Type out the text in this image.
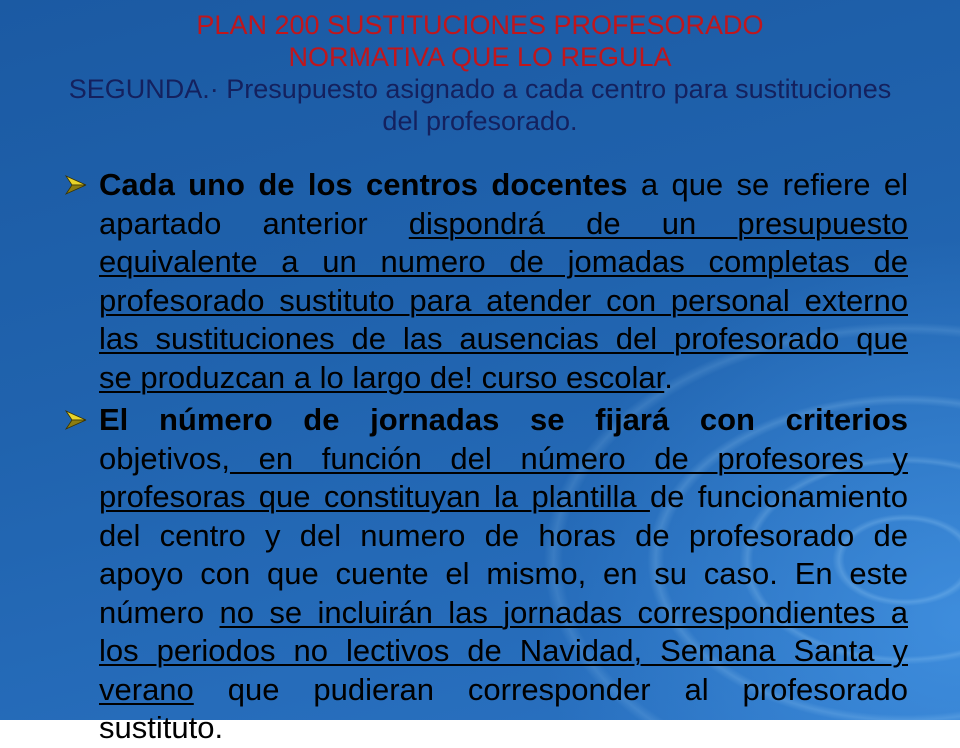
PLAN 200 SUSTITUCIONES PROFESORADO
NORMATIVA QUE LO REGULA
SEGUNDA.· Presupuesto asignado a cada centro para sustituciones
del profesorado.
Cada uno de los centros docentes a que se refiere el
apartado anterior dispondrá de un presupuesto
equivalente a un numero de jomadas completas de
profesorado sustituto para atender con personal externo
las sustituciones de las ausencias del profesorado que
se produzcan a lo largo de! curso escolar.
El número de jornadas se fijará con criterios
objetivos, en función del número de profesores y
profesoras que constituyan la plantilla de funcionamiento
del centro y del numero de horas de profesorado de
apoyo con que cuente el mismo, en su caso. En este
número no se incluirán las jornadas correspondientes a
los periodos no lectivos de Navidad, Semana Santa y
verano que pudieran corresponder al profesorado
sustituto.
